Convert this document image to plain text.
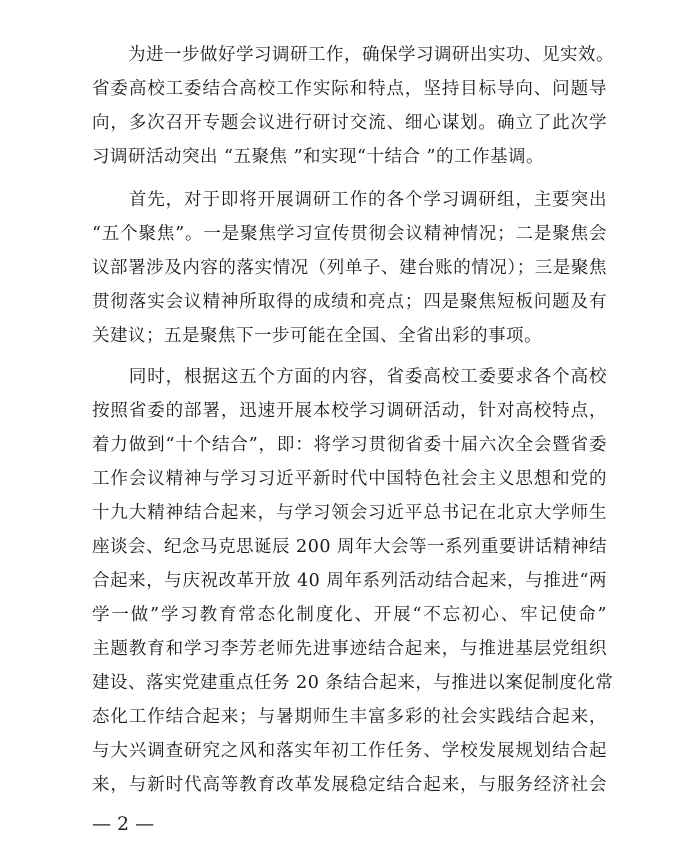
　　为进一步做好学习调研工作，确保学习调研出实功、见实效。
省委高校工委结合高校工作实际和特点，坚持目标导向、问题导
向，多次召开专题会议进行研讨交流、细心谋划。确立了此次学
习调研活动突出 “五聚焦 ”和实现“十结合 ”的工作基调。
　　首先，对于即将开展调研工作的各个学习调研组，主要突出
“五个聚焦”。一是聚焦学习宣传贯彻会议精神情况；二是聚焦会
议部署涉及内容的落实情况（列单子、建台账的情况）；三是聚焦
贯彻落实会议精神所取得的成绩和亮点；四是聚焦短板问题及有
关建议；五是聚焦下一步可能在全国、全省出彩的事项。
　　同时，根据这五个方面的内容，省委高校工委要求各个高校
按照省委的部署，迅速开展本校学习调研活动，针对高校特点，
着力做到“十个结合”，即：将学习贯彻省委十届六次全会暨省委
工作会议精神与学习习近平新时代中国特色社会主义思想和党的
十九大精神结合起来，与学习领会习近平总书记在北京大学师生
座谈会、纪念马克思诞辰 200 周年大会等一系列重要讲话精神结
合起来，与庆祝改革开放 40 周年系列活动结合起来，与推进“两
学一做”学习教育常态化制度化、开展“不忘初心、牢记使命”
主题教育和学习李芳老师先进事迹结合起来，与推进基层党组织
建设、落实党建重点任务 20 条结合起来，与推进以案促制度化常
态化工作结合起来；与暑期师生丰富多彩的社会实践结合起来，
与大兴调查研究之风和落实年初工作任务、学校发展规划结合起
来，与新时代高等教育改革发展稳定结合起来，与服务经济社会
— 2 —
